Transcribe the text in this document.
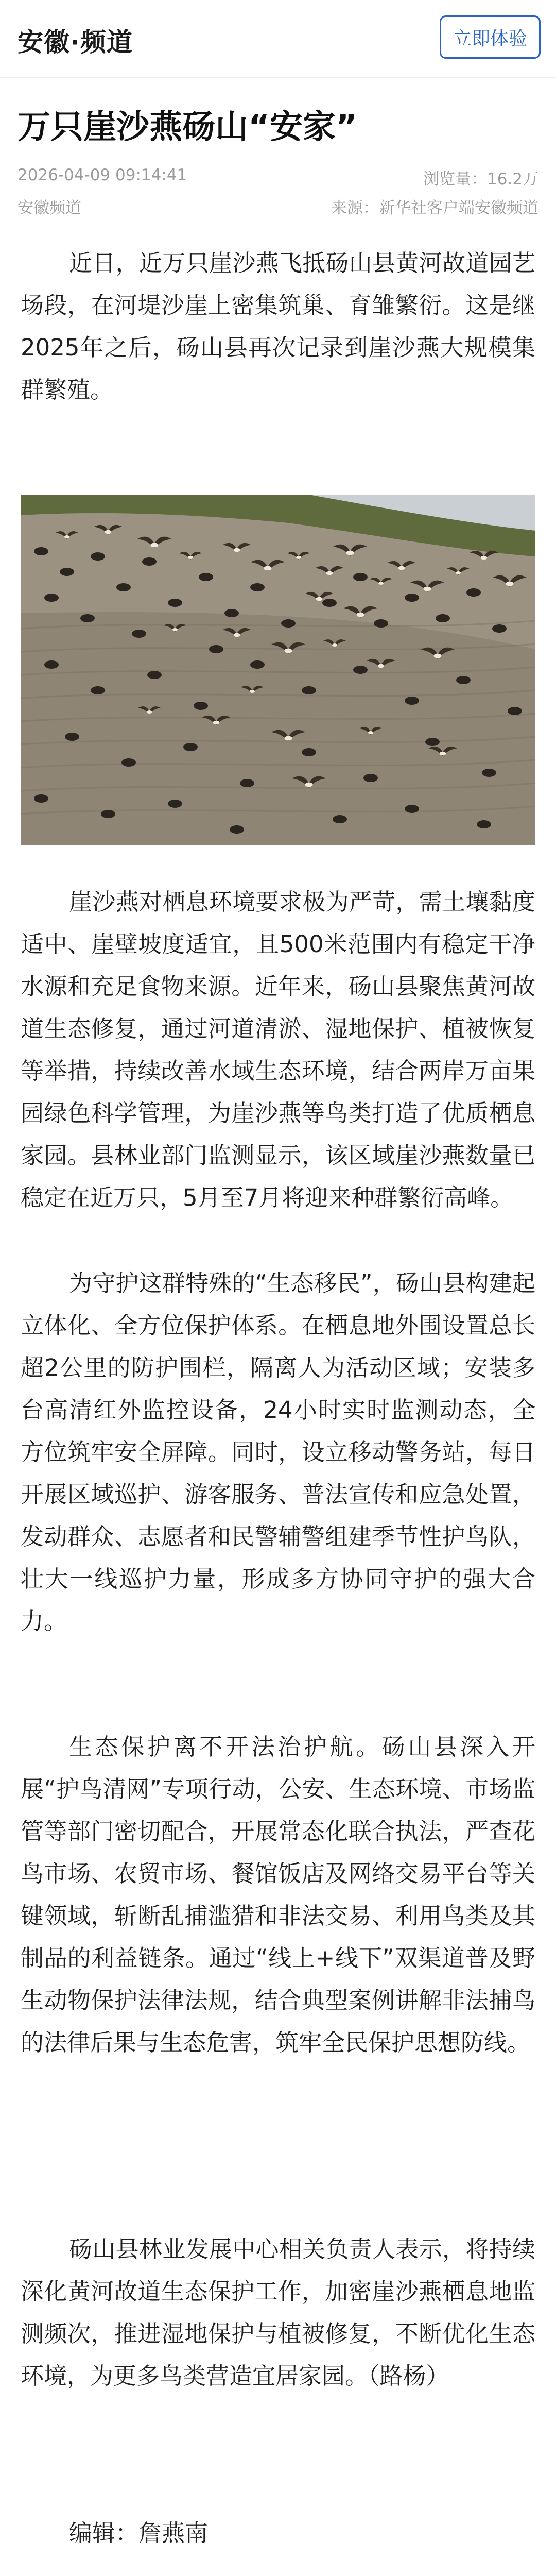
安徽·频道	立即体验
万只崖沙燕砀山“安家”
2026-04-09 09:14:41	浏览量：16.2万
安徽频道	来源：新华社客户端安徽频道
近日，近万只崖沙燕飞抵砀山县黄河故道园艺场段，在河堤沙崖上密集筑巢、育雏繁衍。这是继2025年之后，砀山县再次记录到崖沙燕大规模集群繁殖。
崖沙燕对栖息环境要求极为严苛，需土壤黏度适中、崖壁坡度适宜，且500米范围内有稳定干净水源和充足食物来源。近年来，砀山县聚焦黄河故道生态修复，通过河道清淤、湿地保护、植被恢复等举措，持续改善水域生态环境，结合两岸万亩果园绿色科学管理，为崖沙燕等鸟类打造了优质栖息家园。县林业部门监测显示，该区域崖沙燕数量已稳定在近万只，5月至7月将迎来种群繁衍高峰。
为守护这群特殊的“生态移民”，砀山县构建起立体化、全方位保护体系。在栖息地外围设置总长超2公里的防护围栏，隔离人为活动区域；安装多台高清红外监控设备，24小时实时监测动态，全方位筑牢安全屏障。同时，设立移动警务站，每日开展区域巡护、游客服务、普法宣传和应急处置，发动群众、志愿者和民警辅警组建季节性护鸟队，壮大一线巡护力量，形成多方协同守护的强大合力。
生态保护离不开法治护航。砀山县深入开展“护鸟清网”专项行动，公安、生态环境、市场监管等部门密切配合，开展常态化联合执法，严查花鸟市场、农贸市场、餐馆饭店及网络交易平台等关键领域，斩断乱捕滥猎和非法交易、利用鸟类及其制品的利益链条。通过“线上+线下”双渠道普及野生动物保护法律法规，结合典型案例讲解非法捕鸟的法律后果与生态危害，筑牢全民保护思想防线。
砀山县林业发展中心相关负责人表示，将持续深化黄河故道生态保护工作，加密崖沙燕栖息地监测频次，推进湿地保护与植被修复，不断优化生态环境，为更多鸟类营造宜居家园。（路杨）
编辑：詹燕南
